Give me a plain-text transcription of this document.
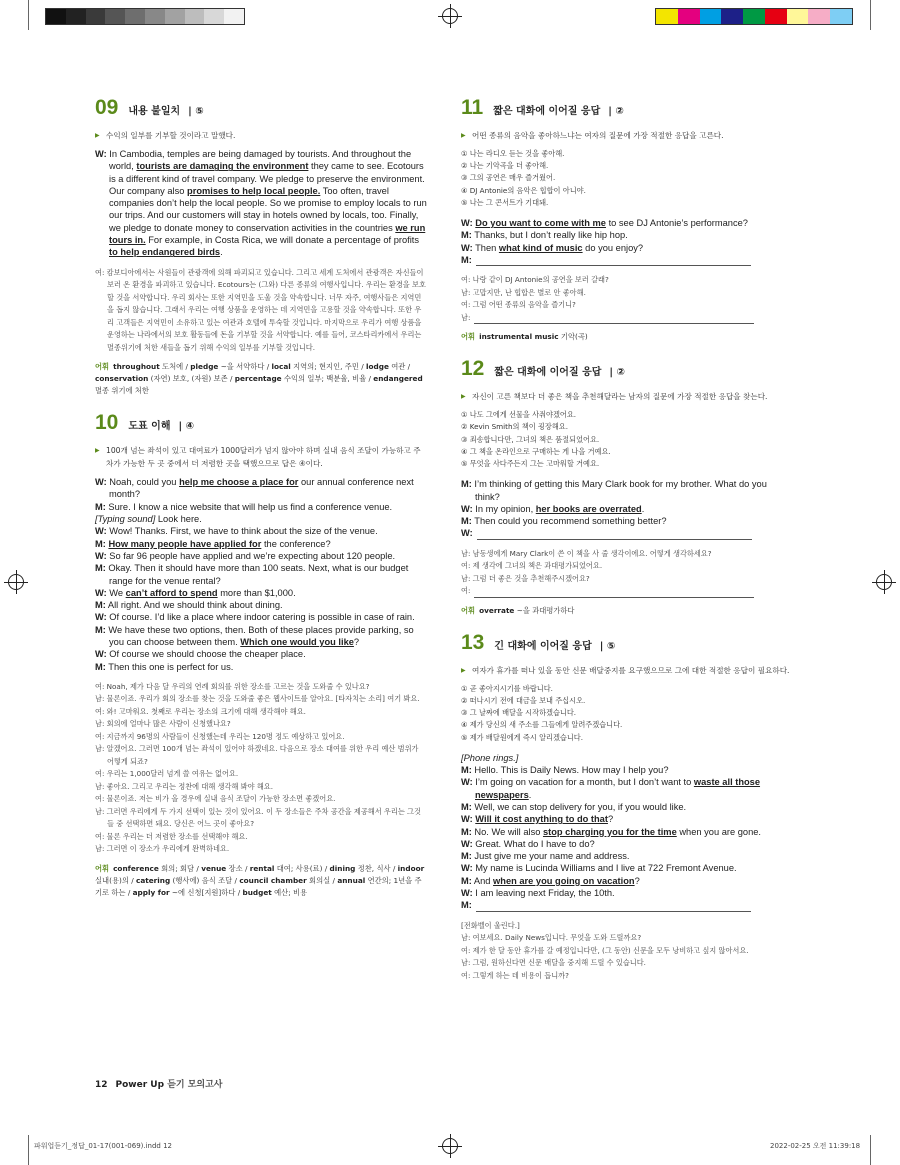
09 내용 불일치 | ⑤
▶ 수익의 일부를 기부할 것이라고 말했다.

W: In Cambodia, temples are being damaged by tourists. And throughout the world, tourists are damaging the environment they came to see. Ecotours is a different kind of travel company. We pledge to preserve the environment. Our company also promises to help local people. Too often, travel companies don’t help the local people. So we promise to employ locals to run our trips. And our customers will stay in hotels owned by locals, too. Finally, we pledge to donate money to conservation activities in the countries we run tours in. For example, in Costa Rica, we will donate a percentage of profits to help endangered birds.

여: 캄보디아에서는 사원들이 관광객에 의해 파괴되고 있습니다. 그리고 세계 도처에서 관광객은 자신들이 보러 온 환경을 파괴하고 있습니다. Ecotours는 (그와) 다른 종류의 여행사입니다. 우리는 환경을 보호할 것을 서약합니다. 우리 회사는 또한 지역민을 도울 것을 약속합니다. 너무 자주, 여행사들은 지역민을 돕지 않습니다. 그래서 우리는 여행 상품을 운영하는 데 지역민을 고용할 것을 약속합니다. 또한 우리 고객들은 지역민이 소유하고 있는 여관과 호텔에 투숙할 것입니다. 마지막으로 우리가 여행 상품을 운영하는 나라에서의 보호 활동들에 돈을 기부할 것을 서약합니다. 예를 들어, 코스타리카에서 우리는 멸종위기에 처한 새들을 돕기 위해 수익의 일부를 기부할 것입니다.

어휘 throughout 도처에 / pledge ~을 서약하다 / local 지역의; 현지인, 주민 / lodge 여관 / conservation (자연) 보호, (자원) 보존 / percentage 수익의 일부; 백분율, 비율 / endangered 멸종 위기에 처한
10 도표 이해 | ④
▶ 100개 넘는 좌석이 있고 대여료가 1000달러가 넘지 않아야 하며 실내 음식 조달이 가능하고 주차가 가능한 두 곳 중에서 더 저렴한 곳을 택했으므로 답은 ④이다.

W: Noah, could you help me choose a place for our annual conference next month?

M: Sure. I know a nice website that will help us find a conference venue.

[Typing sound] Look here.

W: Wow! Thanks. First, we have to think about the size of the venue.

M: How many people have applied for the conference?

W: So far 96 people have applied and we’re expecting about 120 people.

M: Okay. Then it should have more than 100 seats. Next, what is our budget range for the venue rental?

W: We can’t afford to spend more than $1,000.

M: All right. And we should think about dining.

W: Of course. I’d like a place where indoor catering is possible in case of rain.

M: We have these two options, then. Both of these places provide parking, so you can choose between them. Which one would you like?

W: Of course we should choose the cheaper place.

M: Then this one is perfect for us.

여: Noah, 제가 다음 달 우리의 연례 회의를 위한 장소를 고르는 것을 도와줄 수 있나요?

남: 물론이죠. 우리가 회의 장소를 찾는 것을 도와줄 좋은 웹사이트를 알아요. [타자치는 소리] 여기 봐요.

여: 와! 고마워요. 첫째로 우리는 장소의 크기에 대해 생각해야 해요.

남: 회의에 얼마나 많은 사람이 신청했나요?

여: 지금까지 96명의 사람들이 신청했는데 우리는 120명 정도 예상하고 있어요.

남: 알겠어요. 그러면 100개 넘는 좌석이 있어야 하겠네요. 다음으로 장소 대여를 위한 우리 예산 범위가 어떻게 되죠?

여: 우리는 1,000달러 넘게 쓸 여유는 없어요.

남: 좋아요. 그리고 우리는 정찬에 대해 생각해 봐야 해요.

여: 물론이죠. 저는 비가 올 경우에 실내 음식 조달이 가능한 장소면 좋겠어요.

남: 그러면 우리에게 두 가지 선택이 있는 것이 있어요. 이 두 장소들은 주차 공간을 제공해서 우리는 그것들 중 선택하면 돼요. 당신은 어느 곳이 좋아요?

여: 물론 우리는 더 저렴한 장소를 선택해야 해요.

남: 그러면 이 장소가 우리에게 완벽하네요.

어휘 conference 회의; 회담 / venue 장소 / rental 대여; 사용(료) / dining 정찬, 식사 / indoor 실내(용)의 / catering (행사에) 음식 조달 / council chamber 회의실 / annual 연간의; 1년을 주기로 하는 / apply for ~에 신청[지원]하다 / budget 예산; 비용
11 짧은 대화에 이어질 응답 | ②
▶ 어떤 종류의 음악을 좋아하느냐는 여자의 질문에 가장 적절한 응답을 고른다.
① 나는 라디오 듣는 것을 좋아해.
② 나는 기악곡을 더 좋아해.
③ 그의 공연은 매우 즐거웠어.
④ DJ Antonie의 음악은 힙합이 아니야.
⑤ 나는 그 콘서트가 기대돼.

W: Do you want to come with me to see DJ Antonie’s performance?

M: Thanks, but I don’t really like hip hop.

W: Then what kind of music do you enjoy?

M:

여: 나랑 같이 DJ Antonie의 공연을 보러 갈래?

남: 고맙지만, 난 힙합은 별로 안 좋아해.

여: 그럼 어떤 종류의 음악을 즐기니?

남:

어휘 instrumental music 기악(곡)
12 짧은 대화에 이어질 응답 | ②
▶ 자신이 고른 책보다 더 좋은 책을 추천해달라는 남자의 질문에 가장 적절한 응답을 찾는다.
① 나도 그에게 선물을 사줘야겠어요.
② Kevin Smith의 책이 굉장해요.
③ 죄송합니다만, 그녀의 책은 품절되었어요.
④ 그 책을 온라인으로 구매하는 게 나을 거예요.
⑤ 무엇을 사다주든지 그는 고마워할 거예요.

M: I’m thinking of getting this Mary Clark book for my brother. What do you think?

W: In my opinion, her books are overrated.

M: Then could you recommend something better?

W:

남: 남동생에게 Mary Clark이 쓴 이 책을 사 줄 생각이에요. 어떻게 생각하세요?

여: 제 생각에 그녀의 책은 과대평가되었어요.

남: 그럼 더 좋은 것을 추천해주시겠어요?

여:

어휘 overrate ~을 과대평가하다
13 긴 대화에 이어질 응답 | ⑤
▶ 여자가 휴가를 떠나 있을 동안 신문 배달중지를 요구했으므로 그에 대한 적절한 응답이 필요하다.
① 곧 좋아지시기를 바랍니다.
② 떠나시기 전에 대금을 보내 주십시오.
③ 그 날짜에 배달을 시작하겠습니다.
④ 제가 당신의 새 주소를 그들에게 알려주겠습니다.
⑤ 제가 배달원에게 즉시 알리겠습니다.

[Phone rings.]

M: Hello. This is Daily News. How may I help you?

W: I’m going on vacation for a month, but I don’t want to waste all those newspapers.

M: Well, we can stop delivery for you, if you would like.

W: Will it cost anything to do that?

M: No. We will also stop charging you for the time when you are gone.

W: Great. What do I have to do?

M: Just give me your name and address.

W: My name is Lucinda Williams and I live at 722 Fremont Avenue.

M: And when are you going on vacation?

W: I am leaving next Friday, the 10th.

M:

[전화벨이 울린다.]

남: 여보세요. Daily News입니다. 무엇을 도와 드릴까요?

여: 제가 한 달 동안 휴가를 갈 예정입니다만, (그 동안) 신문을 모두 낭비하고 싶지 않아서요.

남: 그럼, 원하신다면 신문 배달을 중지해 드릴 수 있습니다.

여: 그렇게 하는 데 비용이 듭니까?

12 Power Up 듣기 모의고사
파워업듣기_정답_01-17(001-069).indd 12	2022-02-25 오전 11:39:18
